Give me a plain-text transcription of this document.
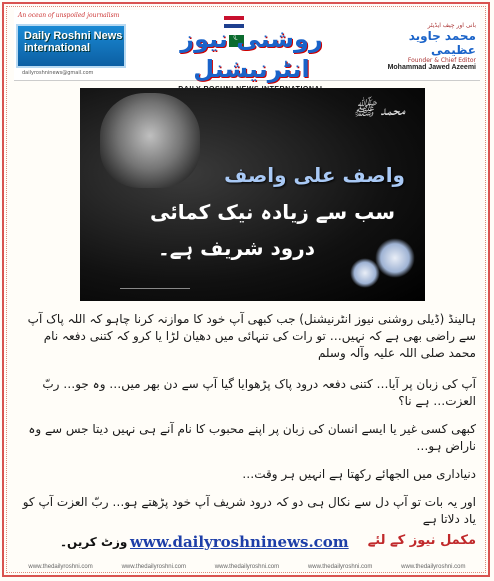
An ocean of unspoiled journalism
Daily Roshni News international
dailyroshninews@gmail.com
☾
روشنی نیوز انٹرنیشنل
بانی اور چیف ایڈیٹر
محمد جاوید عظیمی
Founder & Chief Editor
Mohammad Jawed Azeemi
محمد ﷺ
واصف علی واصف
سب سے زیادہ نیک کمائی
درود شریف ہے۔

ہالینڈ (ڈیلی روشنی نیوز انٹرنیشنل) جب کبھی آپ خود کا موازنہ کرنا چاہو کہ اللہ پاک آپ سے راضی بھی ہے کہ نہیں… تو رات کی تنہائی میں دھیان لڑا یا کرو کہ کتنی دفعہ نام محمد صلی اللہ علیہ وآلہ وسلم

آپ کی زبان پر آیا… کتنی دفعہ درود پاک پڑھوایا گیا آپ سے دن بھر میں… وہ جو… ربّ العزت… ہے نا؟

کبھی کسی غیر یا ایسے انسان کی زبان پر اپنے محبوب کا نام آنے ہی نہیں دیتا جس سے وہ ناراض ہو…

دنیاداری میں الجھائے رکھتا ہے انہیں ہر وقت…

اور یہ بات تو آپ دل سے نکال ہی دو کہ درود شریف آپ خود پڑھتے ہو… ربّ العزت آپ کو یاد دلاتا ہے

مکمل نیوز کے لئے
www.dailyroshninews.com
وزٹ کریں۔
www.thedailyroshni.com	www.thedailyroshni.com	www.thedailyroshni.com	www.thedailyroshni.com	www.thedailyroshni.com
